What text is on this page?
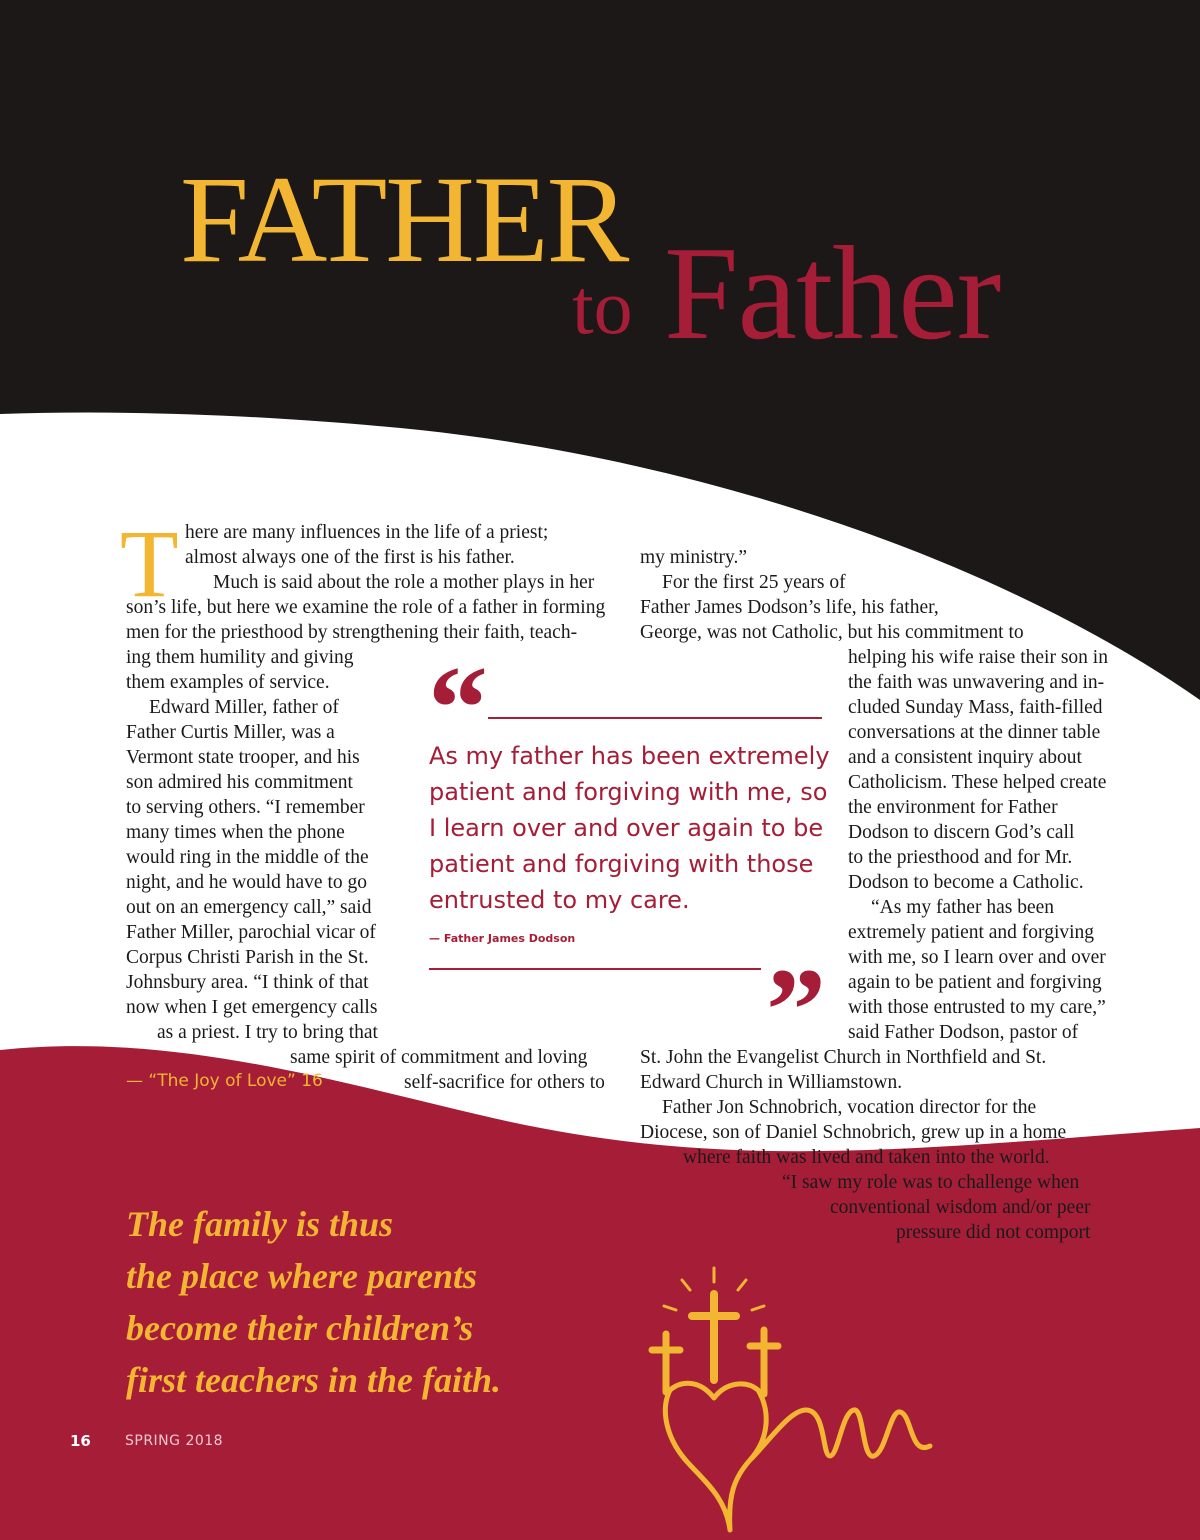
FATHER
to Father
T here are many influences in the life of a priest;
almost always one of the first is his father.
Much is said about the role a mother plays in her
son’s life, but here we examine the role of a father in forming
men for the priesthood by strengthening their faith, teach-
ing them humility and giving
them examples of service.
Edward Miller, father of
Father Curtis Miller, was a
Vermont state trooper, and his
son admired his commitment
to serving others. “I remember
many times when the phone
would ring in the middle of the
night, and he would have to go
out on an emergency call,” said
Father Miller, parochial vicar of
Corpus Christi Parish in the St.
Johnsbury area. “I think of that
now when I get emergency calls
as a priest. I try to bring that
same spirit of commitment and loving
self-sacrifice for others to
my ministry.”
For the first 25 years of
Father James Dodson’s life, his father,
George, was not Catholic, but his commitment to
helping his wife raise their son in
the faith was unwavering and in-
cluded Sunday Mass, faith-filled
conversations at the dinner table
and a consistent inquiry about
Catholicism. These helped create
the environment for Father
Dodson to discern God’s call
to the priesthood and for Mr.
Dodson to become a Catholic.
“As my father has been
extremely patient and forgiving
with me, so I learn over and over
again to be patient and forgiving
with those entrusted to my care,”
said Father Dodson, pastor of
St. John the Evangelist Church in Northfield and St.
Edward Church in Williamstown.
Father Jon Schnobrich, vocation director for the
Diocese, son of Daniel Schnobrich, grew up in a home
where faith was lived and taken into the world.
“I saw my role was to challenge when
conventional wisdom and/or peer
pressure did not comport
“
As my father has been extremely
patient and forgiving with me, so
I learn over and over again to be
patient and forgiving with those
entrusted to my care.
— Father James Dodson
”
The family is thus
the place where parents
become their children’s
first teachers in the faith.
— “The Joy of Love” 16
16 SPRING 2018
